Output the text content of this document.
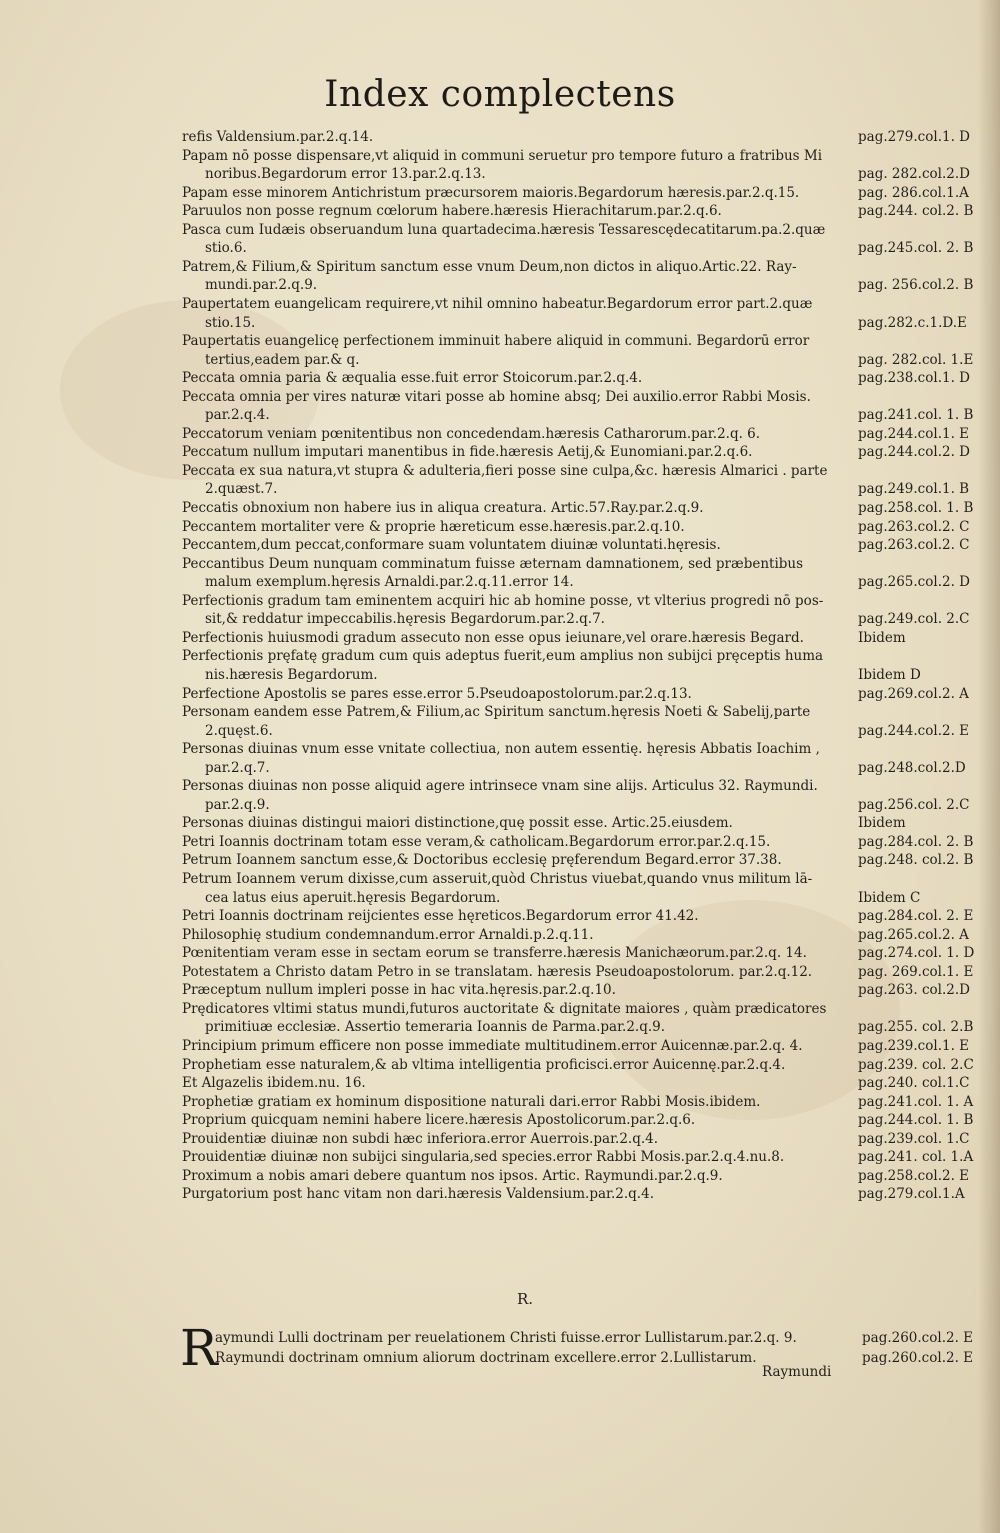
Index complectens
refis Valdensium.par.2.q.14.	pag.279.col.1. D
Papam nō posse dispensare,vt aliquid in communi seruetur pro tempore futuro a fratribus Mi
noribus.Begardorum error 13.par.2.q.13.	pag. 282.col.2.D
Papam esse minorem Antichristum præcursorem maioris.Begardorum hæresis.par.2.q.15.	pag. 286.col.1.A
Paruulos non posse regnum cœlorum habere.hæresis Hierachitarum.par.2.q.6.	pag.244. col.2. B
Pasca cum Iudæis obseruandum luna quartadecima.hæresis Tessarescędecatitarum.pa.2.quæ
stio.6.	pag.245.col. 2. B
Patrem,& Filium,& Spiritum sanctum esse vnum Deum,non dictos in aliquo.Artic.22. Ray-
mundi.par.2.q.9.	pag. 256.col.2. B
Paupertatem euangelicam requirere,vt nihil omnino habeatur.Begardorum error part.2.quæ
stio.15.	pag.282.c.1.D.E
Paupertatis euangelicę perfectionem imminuit habere aliquid in communi. Begardorū error
tertius,eadem par.& q.	pag. 282.col. 1.E
Peccata omnia paria & æqualia esse.fuit error Stoicorum.par.2.q.4.	pag.238.col.1. D
Peccata omnia per vires naturæ vitari posse ab homine absq; Dei auxilio.error Rabbi Mosis.
par.2.q.4.	pag.241.col. 1. B
Peccatorum veniam pœnitentibus non concedendam.hæresis Catharorum.par.2.q. 6.	pag.244.col.1. E
Peccatum nullum imputari manentibus in fide.hæresis Aetij,& Eunomiani.par.2.q.6.	pag.244.col.2. D
Peccata ex sua natura,vt stupra & adulteria,fieri posse sine culpa,&c. hæresis Almarici . parte
2.quæst.7.	pag.249.col.1. B
Peccatis obnoxium non habere ius in aliqua creatura. Artic.57.Ray.par.2.q.9.	pag.258.col. 1. B
Peccantem mortaliter vere & proprie hæreticum esse.hæresis.par.2.q.10.	pag.263.col.2. C
Peccantem,dum peccat,conformare suam voluntatem diuinæ voluntati.hęresis.	pag.263.col.2. C
Peccantibus Deum nunquam comminatum fuisse æternam damnationem, sed præbentibus
malum exemplum.hęresis Arnaldi.par.2.q.11.error 14.	pag.265.col.2. D
Perfectionis gradum tam eminentem acquiri hic ab homine posse, vt vlterius progredi nō pos-
sit,& reddatur impeccabilis.hęresis Begardorum.par.2.q.7.	pag.249.col. 2.C
Perfectionis huiusmodi gradum assecuto non esse opus ieiunare,vel orare.hæresis Begard.	Ibidem
Perfectionis pręfatę gradum cum quis adeptus fuerit,eum amplius non subijci pręceptis huma
nis.hæresis Begardorum.	Ibidem D
Perfectione Apostolis se pares esse.error 5.Pseudoapostolorum.par.2.q.13.	pag.269.col.2. A
Personam eandem esse Patrem,& Filium,ac Spiritum sanctum.hęresis Noeti & Sabelij,parte
2.quęst.6.	pag.244.col.2. E
Personas diuinas vnum esse vnitate collectiua, non autem essentię. hęresis Abbatis Ioachim ,
par.2.q.7.	pag.248.col.2.D
Personas diuinas non posse aliquid agere intrinsece vnam sine alijs. Articulus 32. Raymundi.
par.2.q.9.	pag.256.col. 2.C
Personas diuinas distingui maiori distinctione,quę possit esse. Artic.25.eiusdem.	Ibidem
Petri Ioannis doctrinam totam esse veram,& catholicam.Begardorum error.par.2.q.15.	pag.284.col. 2. B
Petrum Ioannem sanctum esse,& Doctoribus ecclesię pręferendum Begard.error 37.38.	pag.248. col.2. B
Petrum Ioannem verum dixisse,cum asseruit,quòd Christus viuebat,quando vnus militum lā-
cea latus eius aperuit.hęresis Begardorum.	Ibidem C
Petri Ioannis doctrinam reijcientes esse hęreticos.Begardorum error 41.42.	pag.284.col. 2. E
Philosophię studium condemnandum.error Arnaldi.p.2.q.11.	pag.265.col.2. A
Pœnitentiam veram esse in sectam eorum se transferre.hæresis Manichæorum.par.2.q. 14.	pag.274.col. 1. D
Potestatem a Christo datam Petro in se translatam. hæresis Pseudoapostolorum. par.2.q.12.	pag. 269.col.1. E
Præceptum nullum impleri posse in hac vita.hęresis.par.2.q.10.	pag.263. col.2.D
Prędicatores vltimi status mundi,futuros auctoritate & dignitate maiores , quàm prædicatores
primitiuæ ecclesiæ. Assertio temeraria Ioannis de Parma.par.2.q.9.	pag.255. col. 2.B
Principium primum efficere non posse immediate multitudinem.error Auicennæ.par.2.q. 4.	pag.239.col.1. E
Prophetiam esse naturalem,& ab vltima intelligentia proficisci.error Auicennę.par.2.q.4.	pag.239. col. 2.C
Et Algazelis ibidem.nu. 16.	pag.240. col.1.C
Prophetiæ gratiam ex hominum dispositione naturali dari.error Rabbi Mosis.ibidem.	pag.241.col. 1. A
Proprium quicquam nemini habere licere.hæresis Apostolicorum.par.2.q.6.	pag.244.col. 1. B
Prouidentiæ diuinæ non subdi hæc inferiora.error Auerrois.par.2.q.4.	pag.239.col. 1.C
Prouidentiæ diuinæ non subijci singularia,sed species.error Rabbi Mosis.par.2.q.4.nu.8.	pag.241. col. 1.A
Proximum a nobis amari debere quantum nos ipsos. Artic. Raymundi.par.2.q.9.	pag.258.col.2. E
Purgatorium post hanc vitam non dari.hæresis Valdensium.par.2.q.4.	pag.279.col.1.A
R.
R
aymundi Lulli doctrinam per reuelationem Christi fuisse.error Lullistarum.par.2.q. 9.	pag.260.col.2. E
Raymundi doctrinam omnium aliorum doctrinam excellere.error 2.Lullistarum.	pag.260.col.2. E
Raymundi
